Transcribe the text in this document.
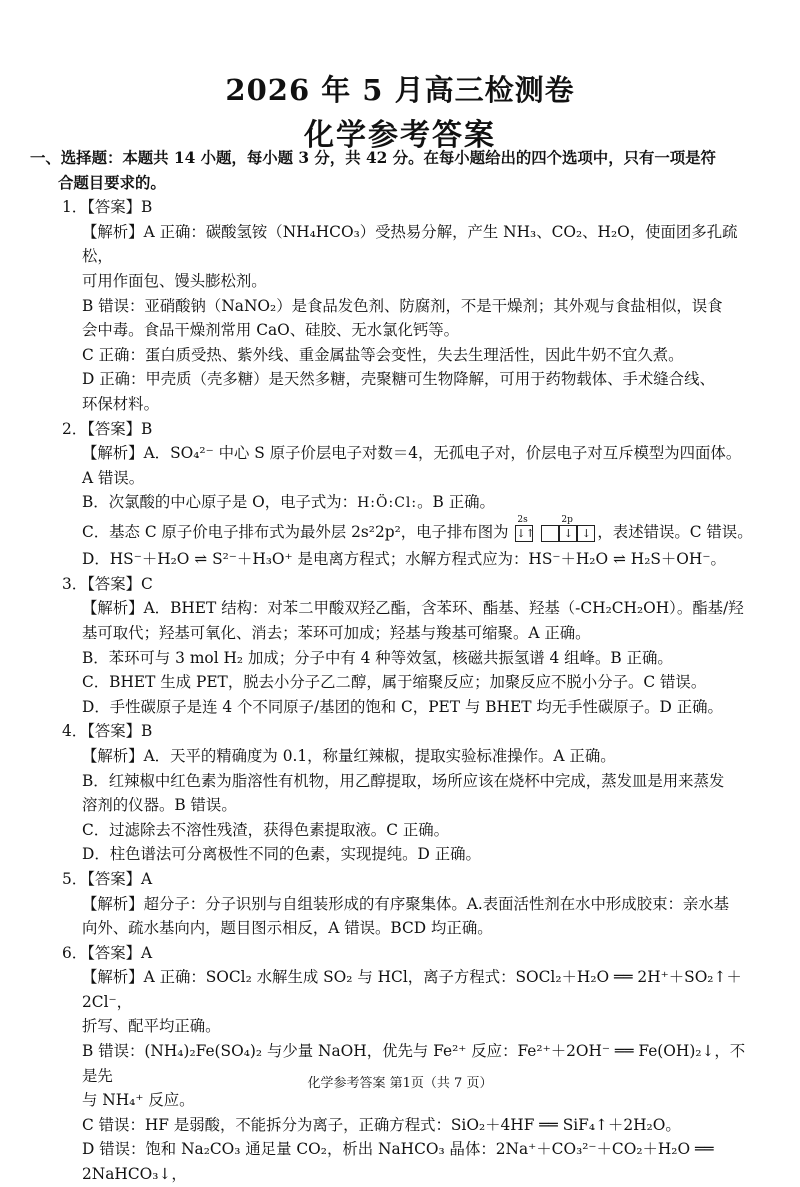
2026 年 5 月高三检测卷
化学参考答案
一、选择题：本题共 14 小题，每小题 3 分，共 42 分。在每小题给出的四个选项中，只有一项是符
合题目要求的。
1．【答案】B
【解析】A 正确：碳酸氢铵（NH₄HCO₃）受热易分解，产生 NH₃、CO₂、H₂O，使面团多孔疏松，
可用作面包、馒头膨松剂。
B 错误：亚硝酸钠（NaNO₂）是食品发色剂、防腐剂，不是干燥剂；其外观与食盐相似，误食
会中毒。食品干燥剂常用 CaO、硅胶、无水氯化钙等。
C 正确：蛋白质受热、紫外线、重金属盐等会变性，失去生理活性，因此牛奶不宜久煮。
D 正确：甲壳质（壳多糖）是天然多糖，壳聚糖可生物降解，可用于药物载体、手术缝合线、
环保材料。
2．【答案】B
【解析】A．SO₄²⁻ 中心 S 原子价层电子对数＝4，无孤电子对，价层电子对互斥模型为四面体。
A 错误。
B．次氯酸的中心原子是 O，电子式为：H:Ö:Cl:。B 正确。
C．基态 C 原子价电子排布式为最外层 2s²2p²，电子排布图为
2s
↓↑
2p
↓ ↓ ，表述错误。C 错误。
D．HS⁻＋H₂O ⇌ S²⁻＋H₃O⁺ 是电离方程式；水解方程式应为：HS⁻＋H₂O ⇌ H₂S＋OH⁻。
3．【答案】C
【解析】A．BHET 结构：对苯二甲酸双羟乙酯，含苯环、酯基、羟基（-CH₂CH₂OH）。酯基/羟
基可取代；羟基可氧化、消去；苯环可加成；羟基与羧基可缩聚。A 正确。
B．苯环可与 3 mol H₂ 加成；分子中有 4 种等效氢，核磁共振氢谱 4 组峰。B 正确。
C．BHET 生成 PET，脱去小分子乙二醇，属于缩聚反应；加聚反应不脱小分子。C 错误。
D．手性碳原子是连 4 个不同原子/基团的饱和 C，PET 与 BHET 均无手性碳原子。D 正确。
4．【答案】B
【解析】A．天平的精确度为 0.1，称量红辣椒，提取实验标准操作。A 正确。
B．红辣椒中红色素为脂溶性有机物，用乙醇提取，场所应该在烧杯中完成，蒸发皿是用来蒸发
溶剂的仪器。B 错误。
C．过滤除去不溶性残渣，获得色素提取液。C 正确。
D．柱色谱法可分离极性不同的色素，实现提纯。D 正确。
5．【答案】A
【解析】超分子：分子识别与自组装形成的有序聚集体。A.表面活性剂在水中形成胶束：亲水基
向外、疏水基向内，题目图示相反，A 错误。BCD 均正确。
6．【答案】A
【解析】A 正确：SOCl₂ 水解生成 SO₂ 与 HCl，离子方程式：SOCl₂＋H₂O ══ 2H⁺＋SO₂↑＋2Cl⁻，
折写、配平均正确。
B 错误：(NH₄)₂Fe(SO₄)₂ 与少量 NaOH，优先与 Fe²⁺ 反应：Fe²⁺＋2OH⁻ ══ Fe(OH)₂↓，不是先
与 NH₄⁺ 反应。
C 错误：HF 是弱酸，不能拆分为离子，正确方程式：SiO₂＋4HF ══ SiF₄↑＋2H₂O。
D 错误：饱和 Na₂CO₃ 通足量 CO₂，析出 NaHCO₃ 晶体：2Na⁺＋CO₃²⁻＋CO₂＋H₂O ══ 2NaHCO₃↓，
化学参考答案 第1页（共 7 页）
